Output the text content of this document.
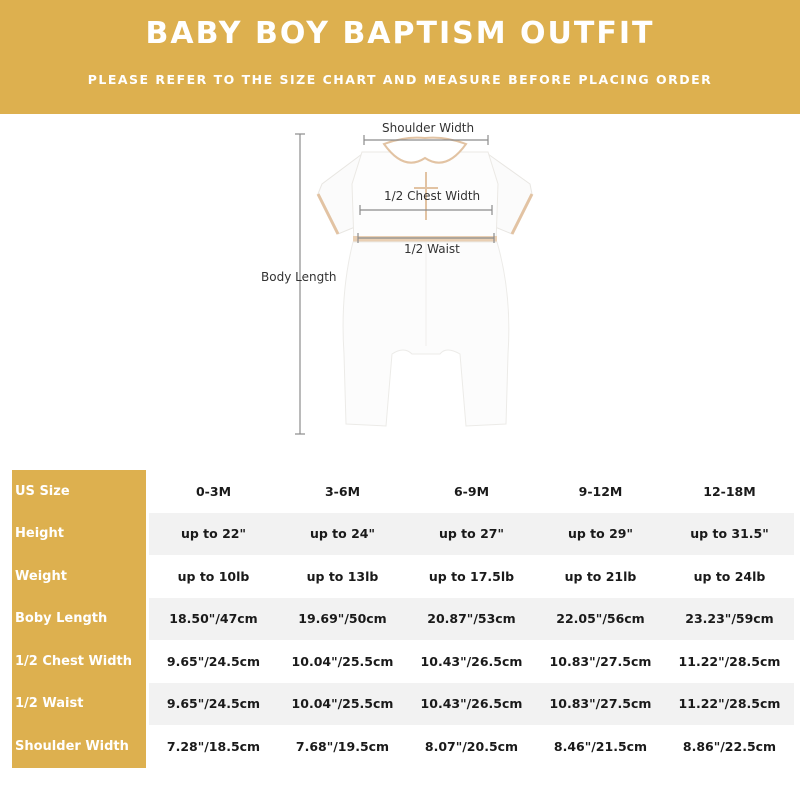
BABY BOY BAPTISM OUTFIT
PLEASE REFER TO THE SIZE CHART AND MEASURE BEFORE PLACING ORDER
Shoulder Width
1/2 Chest Width
1/2 Waist
Body Length
US Size		0-3M	3-6M	6-9M	9-12M	12-18M
Height		up to 22"	up to 24"	up to 27"	up to 29"	up to 31.5"
Weight		up to 10lb	up to 13lb	up to 17.5lb	up to 21lb	up to 24lb
Boby Length		18.50"/47cm	19.69"/50cm	20.87"/53cm	22.05"/56cm	23.23"/59cm
1/2 Chest Width		9.65"/24.5cm	10.04"/25.5cm	10.43"/26.5cm	10.83"/27.5cm	11.22"/28.5cm
1/2 Waist		9.65"/24.5cm	10.04"/25.5cm	10.43"/26.5cm	10.83"/27.5cm	11.22"/28.5cm
Shoulder Width		7.28"/18.5cm	7.68"/19.5cm	8.07"/20.5cm	8.46"/21.5cm	8.86"/22.5cm
